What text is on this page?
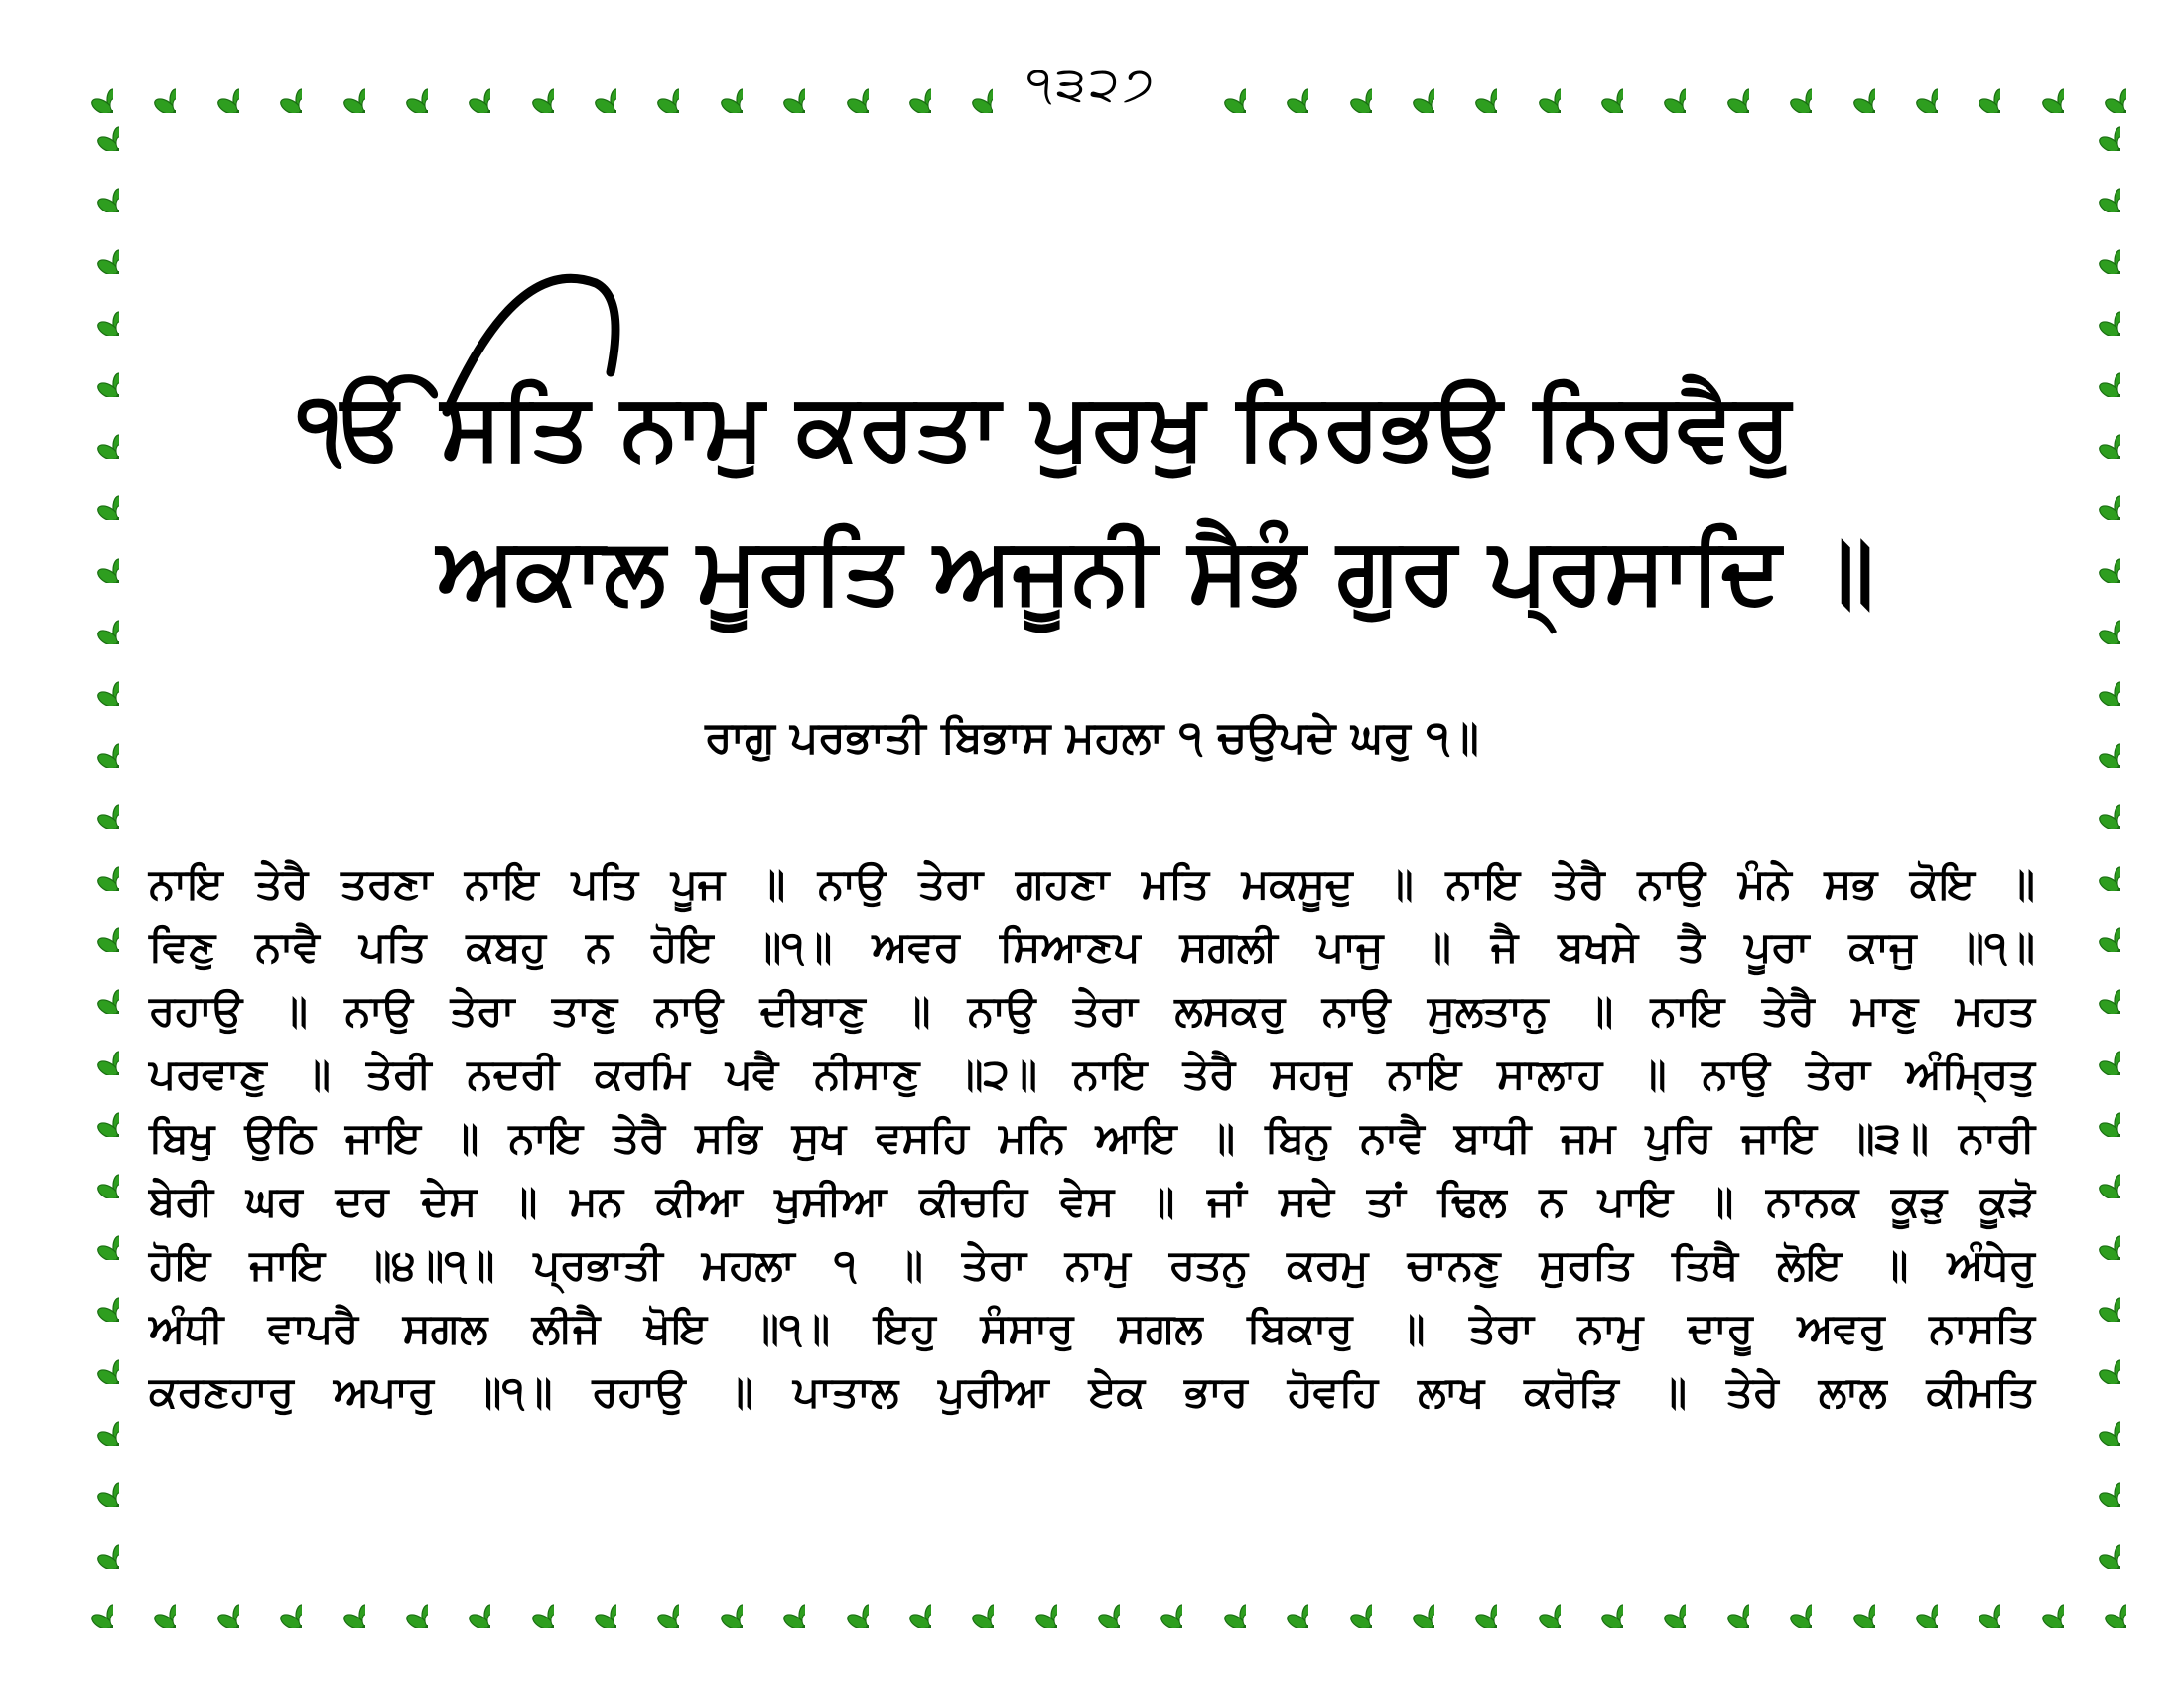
੧੩੨੭
ੴ ਸਤਿ ਨਾਮੁ ਕਰਤਾ ਪੁਰਖੁ ਨਿਰਭਉ ਨਿਰਵੈਰੁ
ਅਕਾਲ ਮੂਰਤਿ ਅਜੂਨੀ ਸੈਭੰ ਗੁਰ ਪ੍ਰਸਾਦਿ ॥
ਰਾਗੁ ਪਰਭਾਤੀ ਬਿਭਾਸ ਮਹਲਾ ੧ ਚਉਪਦੇ ਘਰੁ ੧॥
ਨਾਇ ਤੇਰੈ ਤਰਣਾ ਨਾਇ ਪਤਿ ਪੂਜ ॥ ਨਾਉ ਤੇਰਾ ਗਹਣਾ ਮਤਿ ਮਕਸੂਦੁ ॥ ਨਾਇ ਤੇਰੈ ਨਾਉ ਮੰਨੇ ਸਭ ਕੋਇ ॥
ਵਿਣੁ ਨਾਵੈ ਪਤਿ ਕਬਹੁ ਨ ਹੋਇ ॥੧॥ ਅਵਰ ਸਿਆਣਪ ਸਗਲੀ ਪਾਜੁ ॥ ਜੈ ਬਖਸੇ ਤੈ ਪੂਰਾ ਕਾਜੁ ॥੧॥
ਰਹਾਉ ॥ ਨਾਉ ਤੇਰਾ ਤਾਣੁ ਨਾਉ ਦੀਬਾਣੁ ॥ ਨਾਉ ਤੇਰਾ ਲਸਕਰੁ ਨਾਉ ਸੁਲਤਾਨੁ ॥ ਨਾਇ ਤੇਰੈ ਮਾਣੁ ਮਹਤ
ਪਰਵਾਣੁ ॥ ਤੇਰੀ ਨਦਰੀ ਕਰਮਿ ਪਵੈ ਨੀਸਾਣੁ ॥੨॥ ਨਾਇ ਤੇਰੈ ਸਹਜੁ ਨਾਇ ਸਾਲਾਹ ॥ ਨਾਉ ਤੇਰਾ ਅੰਮ੍ਰਿਤੁ
ਬਿਖੁ ਉਠਿ ਜਾਇ ॥ ਨਾਇ ਤੇਰੈ ਸਭਿ ਸੁਖ ਵਸਹਿ ਮਨਿ ਆਇ ॥ ਬਿਨੁ ਨਾਵੈ ਬਾਧੀ ਜਮ ਪੁਰਿ ਜਾਇ ॥੩॥ ਨਾਰੀ
ਬੇਰੀ ਘਰ ਦਰ ਦੇਸ ॥ ਮਨ ਕੀਆ ਖੁਸੀਆ ਕੀਚਹਿ ਵੇਸ ॥ ਜਾਂ ਸਦੇ ਤਾਂ ਢਿਲ ਨ ਪਾਇ ॥ ਨਾਨਕ ਕੂੜੁ ਕੂੜੋ
ਹੋਇ ਜਾਇ ॥੪॥੧॥ ਪ੍ਰਭਾਤੀ ਮਹਲਾ ੧ ॥ ਤੇਰਾ ਨਾਮੁ ਰਤਨੁ ਕਰਮੁ ਚਾਨਣੁ ਸੁਰਤਿ ਤਿਥੈ ਲੋਇ ॥ ਅੰਧੇਰੁ
ਅੰਧੀ ਵਾਪਰੈ ਸਗਲ ਲੀਜੈ ਖੋਇ ॥੧॥ ਇਹੁ ਸੰਸਾਰੁ ਸਗਲ ਬਿਕਾਰੁ ॥ ਤੇਰਾ ਨਾਮੁ ਦਾਰੂ ਅਵਰੁ ਨਾਸਤਿ
ਕਰਣਹਾਰੁ ਅਪਾਰੁ ॥੧॥ ਰਹਾਉ ॥ ਪਾਤਾਲ ਪੁਰੀਆ ਏਕ ਭਾਰ ਹੋਵਹਿ ਲਾਖ ਕਰੋੜਿ ॥ ਤੇਰੇ ਲਾਲ ਕੀਮਤਿ
